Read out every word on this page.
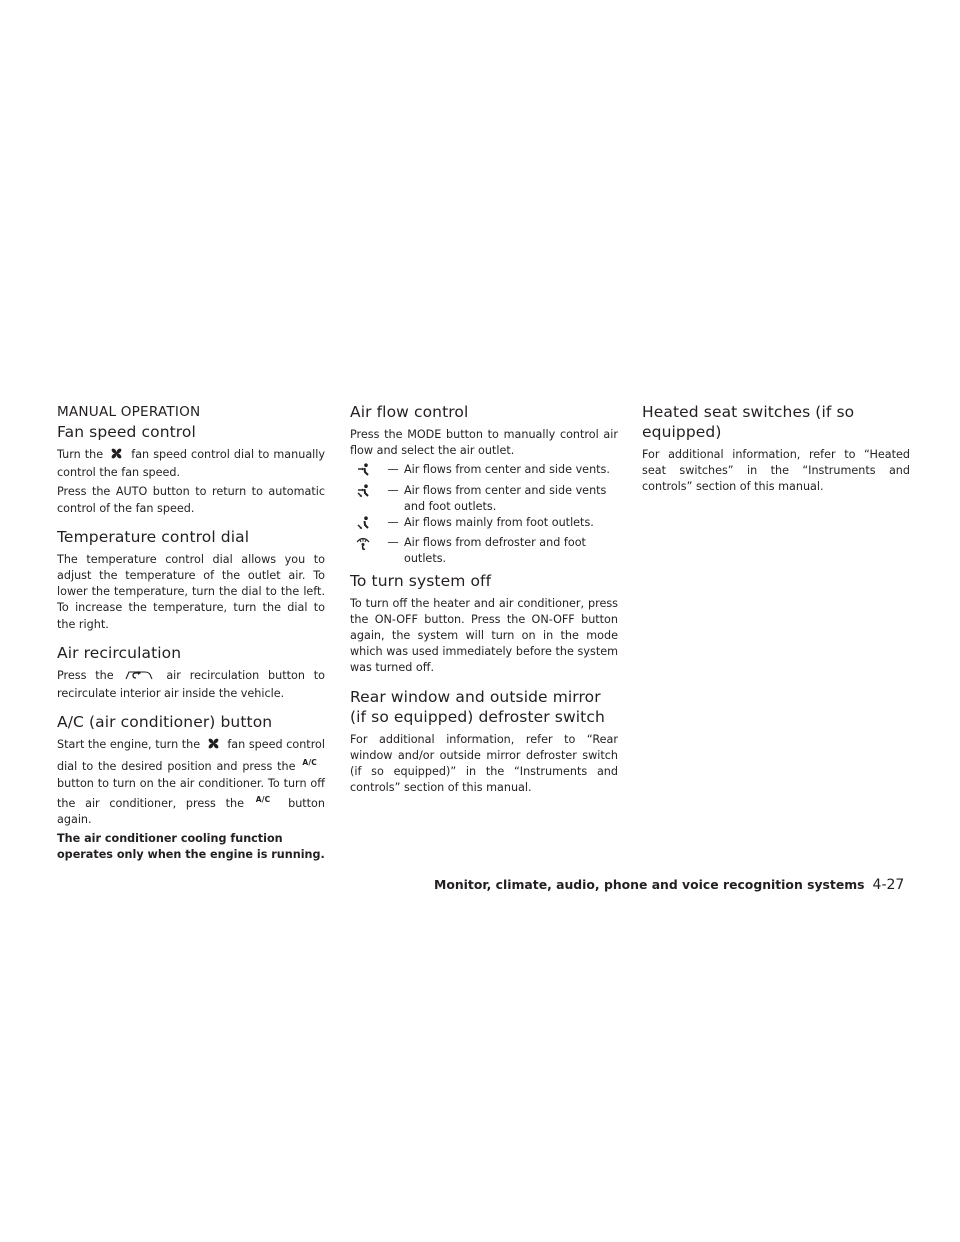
MANUAL OPERATION
Fan speed control

Turn the	fan speed control dial to manually control the fan speed.

Press the AUTO button to return to automatic control of the fan speed.

Temperature control dial

The temperature control dial allows you to adjust the temperature of the outlet air. To lower the temperature, turn the dial to the left. To increase the temperature, turn the dial to the right.

Air recirculation

Press the	air recirculation button to recirculate interior air inside the vehicle.

A/C (air conditioner) button

Start the engine, turn the fan speed control dial to the desired position and press the $^{A/C}$ button to turn on the air conditioner. To turn off the air conditioner, press the $^{A/C}$ button again.

The air conditioner cooling function operates only when the engine is running.

Air flow control

Press the MODE button to manually control air flow and select the air outlet.

— Air flows from center and side vents.
— Air flows from center and side vents and foot outlets.
— Air flows mainly from foot outlets.
— Air flows from defroster and foot outlets.
To turn system off

To turn off the heater and air conditioner, press the ON-OFF button. Press the ON-OFF button again, the system will turn on in the mode which was used immediately before the system was turned off.

Rear window and outside mirror (if so equipped) defroster switch

For additional information, refer to “Rear window and/or outside mirror defroster switch (if so equipped)” in the “Instruments and controls” section of this manual.

Heated seat switches (if so equipped)

For additional information, refer to “Heated seat switches” in the “Instruments and controls” section of this manual.

Monitor, climate, audio, phone and voice recognition systems 4-27
